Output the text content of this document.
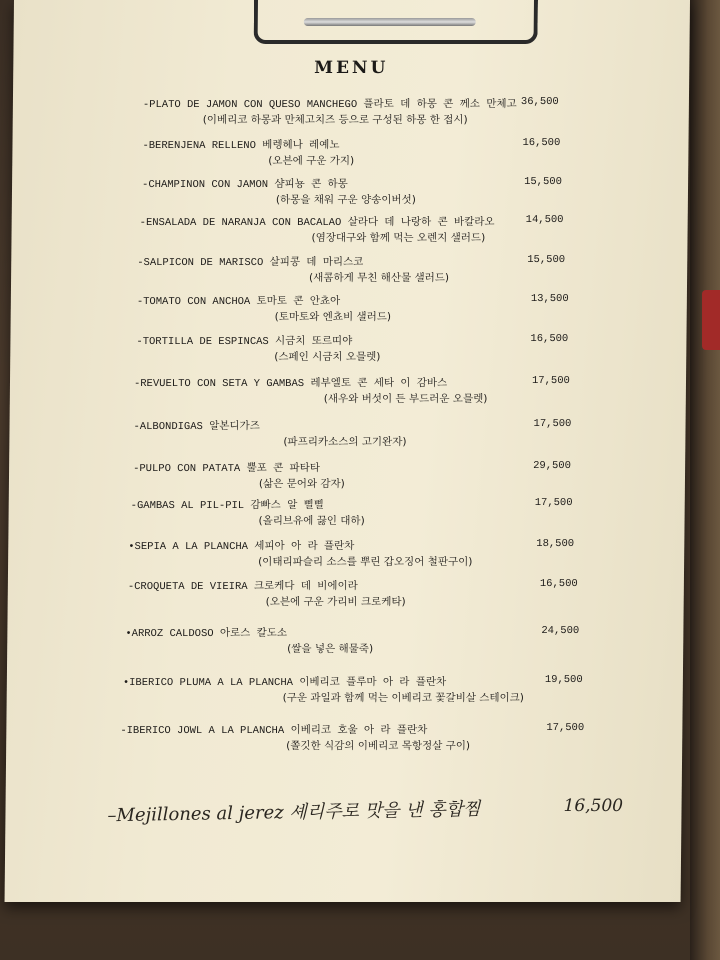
MENU
-PLATO DE JAMON CON QUESO MANCHEGO 플라토 데 하몽 콘 께소 만체고
(이베리코 하몽과 만체고치즈 등으로 구성된 하몽 한 접시)
36,500
-BERENJENA RELLENO 베렝헤나 레예노
(오븐에 구운 가지)
16,500
-CHAMPINON CON JAMON 샴피뇽 콘 하몽
(하몽을 채워 구운 양송이버섯)
15,500
-ENSALADA DE NARANJA CON BACALAO 살라다 데 나랑하 콘 바칼라오
(염장대구와 함께 먹는 오렌지 샐러드)
14,500
-SALPICON DE MARISCO 살피콩 데 마리스코
(새콤하게 무친 해산물 샐러드)
15,500
-TOMATO CON ANCHOA 토마토 콘 안쵸아
(토마토와 엔쵸비 샐러드)
13,500
-TORTILLA DE ESPINCAS 시금치 또르띠야
(스페인 시금치 오믈렛)
16,500
-REVUELTO CON SETA Y GAMBAS 레부엘토 콘 세타 이 감바스
(새우와 버섯이 든 부드러운 오믈렛)
17,500
-ALBONDIGAS 알본디가즈
(파프리카소스의 고기완자)
17,500
-PULPO CON PATATA 뿔포 콘 파타타
(삶은 문어와 감자)
29,500
-GAMBAS AL PIL-PIL 감빠스 알 삘삘
(올리브유에 끓인 대하)
17,500
•SEPIA A LA PLANCHA 세피아 아 라 플란차
(이태리파슬리 소스를 뿌린 갑오징어 철판구이)
18,500
-CROQUETA DE VIEIRA 크로케다 데 비에이라
(오븐에 구운 가리비 크로케타)
16,500
•ARROZ CALDOSO 아로스 칼도소
(쌀을 넣은 해물죽)
24,500
•IBERICO PLUMA A LA PLANCHA 이베리코 플루마 아 라 플란차
(구운 과일과 함께 먹는 이베리코 꽃갈비살 스테이크)
19,500
-IBERICO JOWL A LA PLANCHA 이베리코 호울 아 라 플란차
(쫄깃한 식감의 이베리코 목항정살 구이)
17,500
–Mejillones al jerez 셰리주로 맛을 낸 홍합찜	16,500
